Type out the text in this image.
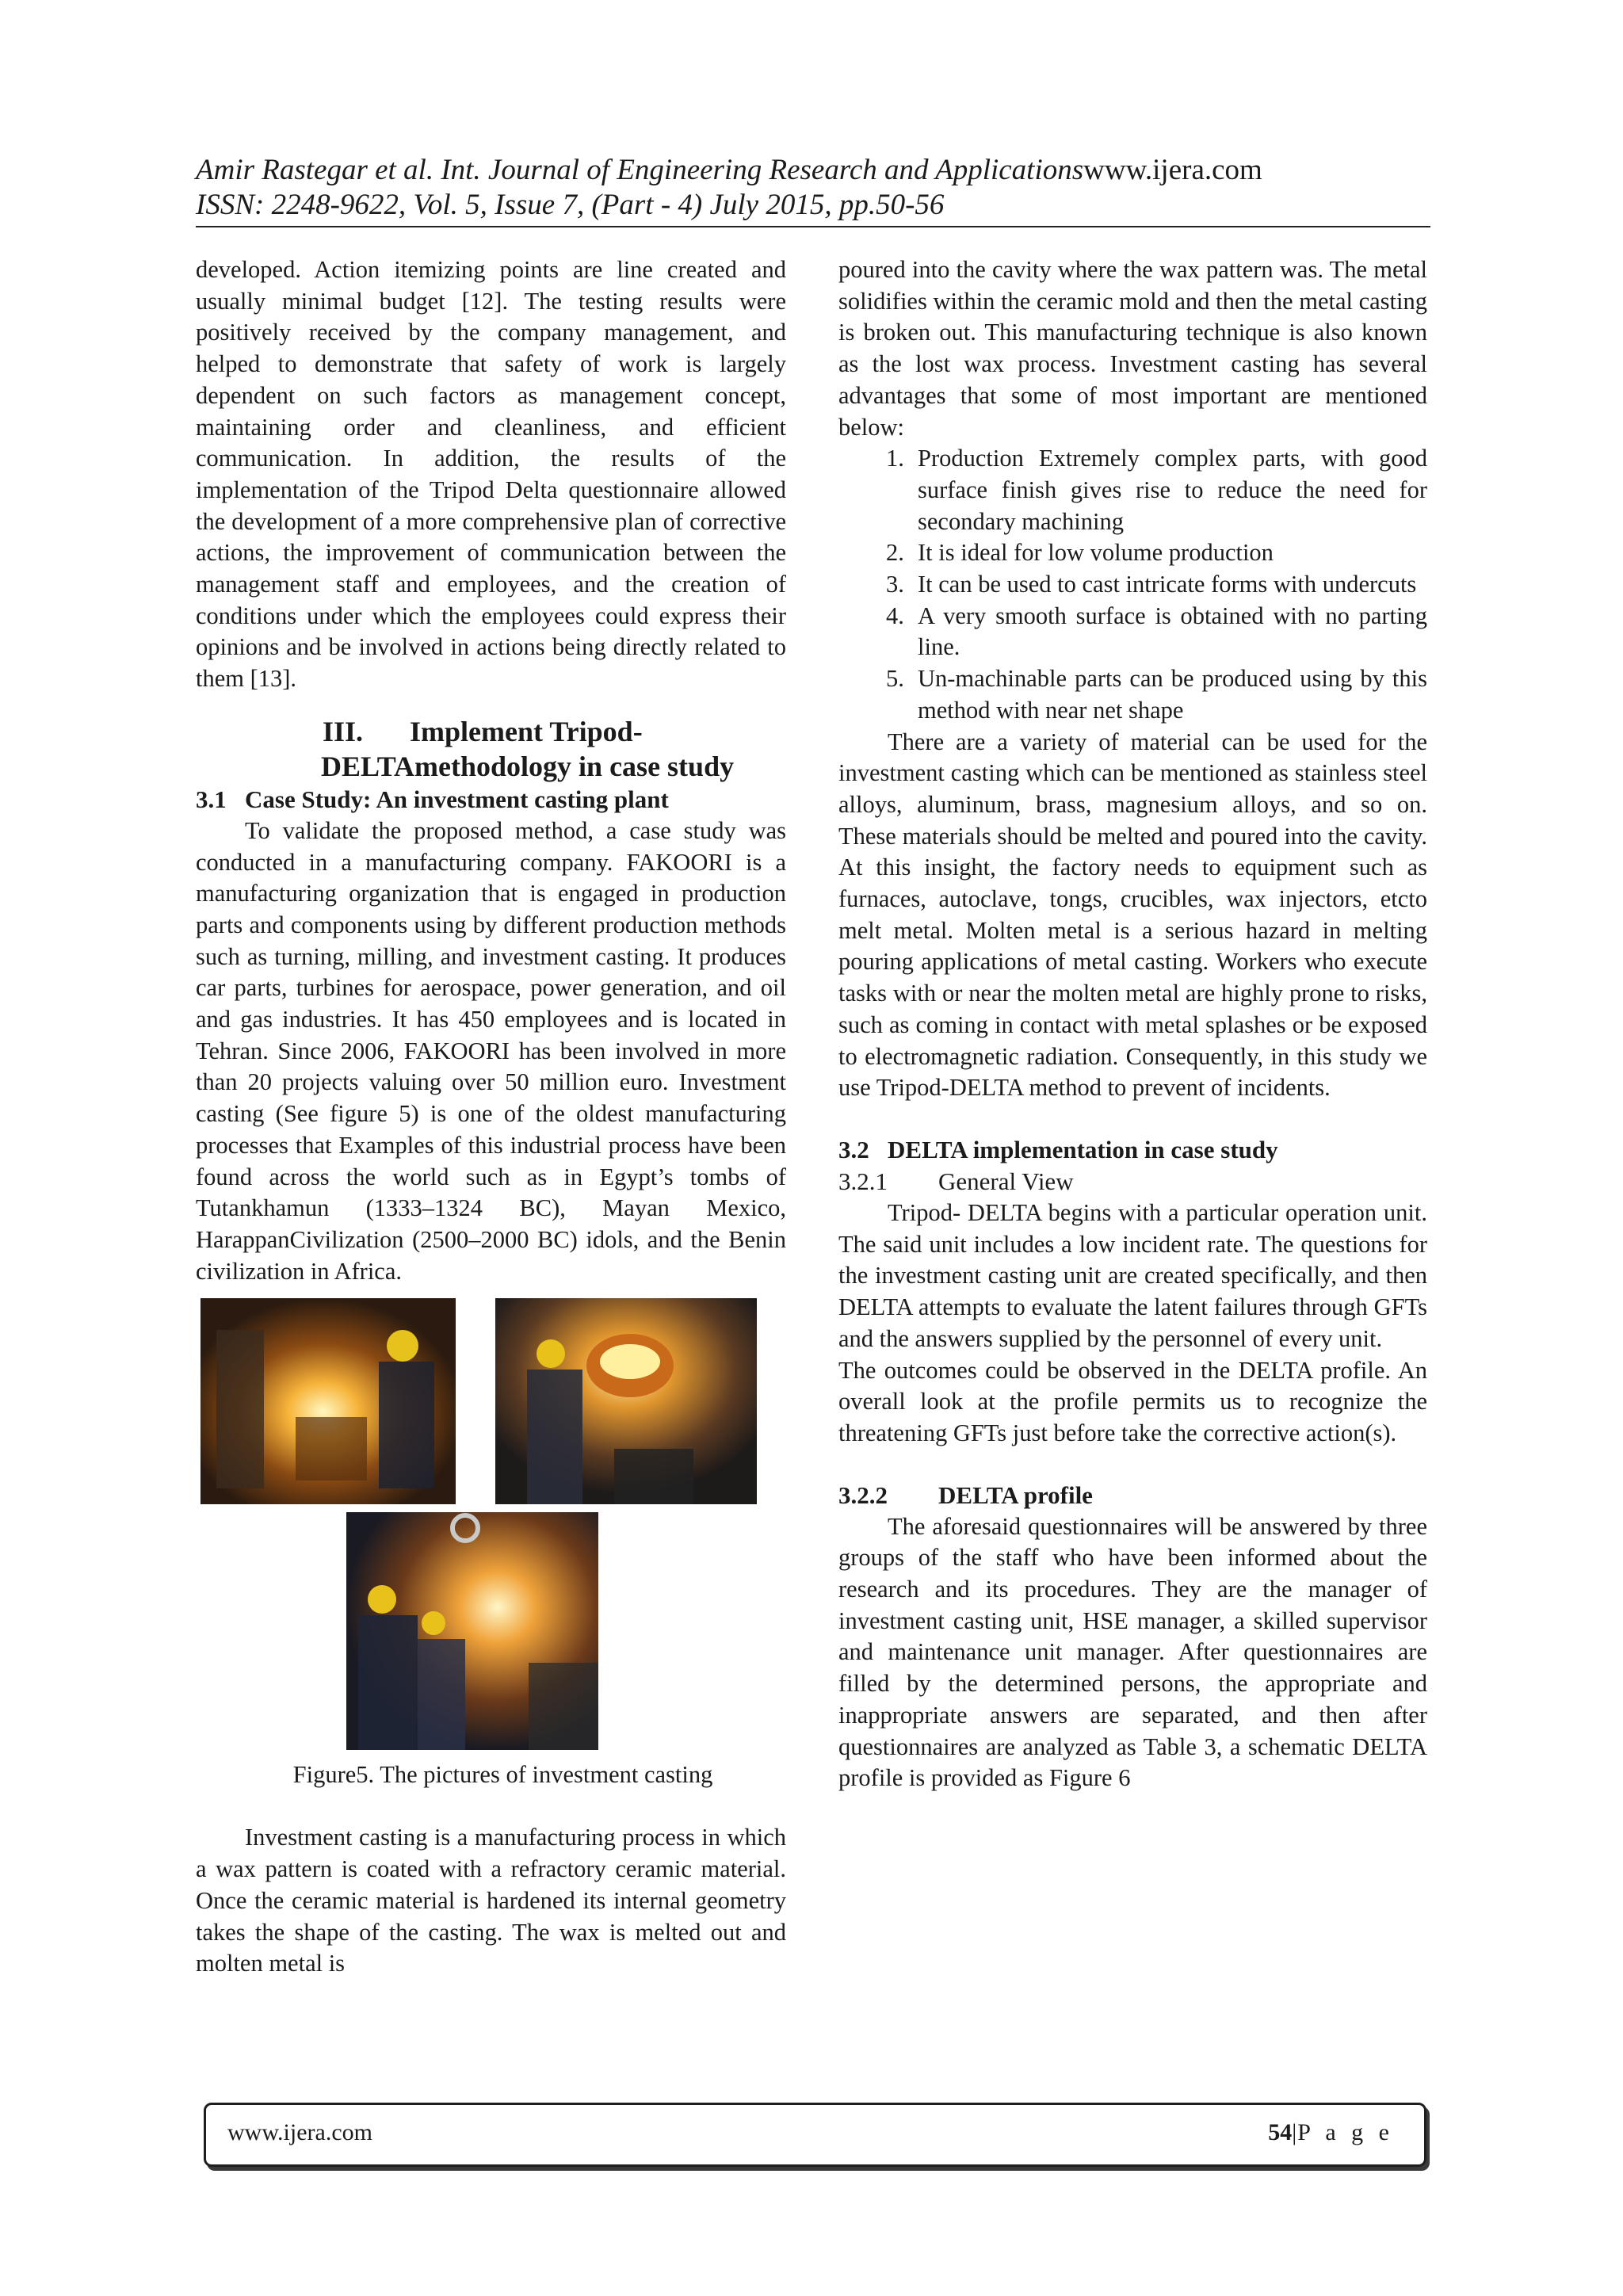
Amir Rastegar et al. Int. Journal of Engineering Research and Applicationswww.ijera.com
ISSN: 2248-9622, Vol. 5, Issue 7, (Part - 4) July 2015, pp.50-56

developed. Action itemizing points are line created and usually minimal budget [12]. The testing results were positively received by the company management, and helped to demonstrate that safety of work is largely dependent on such factors as management concept, maintaining order and cleanliness, and efficient communication. In addition, the results of the implementation of the Tripod Delta questionnaire allowed the development of a more comprehensive plan of corrective actions, the improvement of communication between the management staff and employees, and the creation of conditions under which the employees could express their opinions and be involved in actions being directly related to them [13].

III. Implement Tripod-
DELTAmethodology in case study

3.1 Case Study: An investment casting plant

To validate the proposed method, a case study was conducted in a manufacturing company. FAKOORI is a manufacturing organization that is engaged in production parts and components using by different production methods such as turning, milling, and investment casting. It produces car parts, turbines for aerospace, power generation, and oil and gas industries. It has 450 employees and is located in Tehran. Since 2006, FAKOORI has been involved in more than 20 projects valuing over 50 million euro. Investment casting (See figure 5) is one of the oldest manufacturing processes that Examples of this industrial process have been found across the world such as in Egypt’s tombs of Tutankhamun (1333–1324 BC), Mayan Mexico, HarappanCivilization (2500–2000 BC) idols, and the Benin civilization in Africa.

Figure5. The pictures of investment casting

Investment casting is a manufacturing process in which a wax pattern is coated with a refractory ceramic material. Once the ceramic material is hardened its internal geometry takes the shape of the casting. The wax is melted out and molten metal is

poured into the cavity where the wax pattern was. The metal solidifies within the ceramic mold and then the metal casting is broken out. This manufacturing technique is also known as the lost wax process. Investment casting has several advantages that some of most important are mentioned below:

1. Production Extremely complex parts, with good surface finish gives rise to reduce the need for secondary machining
2. It is ideal for low volume production
3. It can be used to cast intricate forms with undercuts
4. A very smooth surface is obtained with no parting line.
5. Un-machinable parts can be produced using by this method with near net shape

There are a variety of material can be used for the investment casting which can be mentioned as stainless steel alloys, aluminum, brass, magnesium alloys, and so on. These materials should be melted and poured into the cavity. At this insight, the factory needs to equipment such as furnaces, autoclave, tongs, crucibles, wax injectors, etcto melt metal. Molten metal is a serious hazard in melting pouring applications of metal casting. Workers who execute tasks with or near the molten metal are highly prone to risks, such as coming in contact with metal splashes or be exposed to electromagnetic radiation. Consequently, in this study we use Tripod-DELTA method to prevent of incidents.

3.2 DELTA implementation in case study

3.2.1 General View

Tripod- DELTA begins with a particular operation unit. The said unit includes a low incident rate. The questions for the investment casting unit are created specifically, and then DELTA attempts to evaluate the latent failures through GFTs and the answers supplied by the personnel of every unit.

The outcomes could be observed in the DELTA profile. An overall look at the profile permits us to recognize the threatening GFTs just before take the corrective action(s).

3.2.2 DELTA profile

The aforesaid questionnaires will be answered by three groups of the staff who have been informed about the research and its procedures. They are the manager of investment casting unit, HSE manager, a skilled supervisor and maintenance unit manager. After questionnaires are filled by the determined persons, the appropriate and inappropriate answers are separated, and then after questionnaires are analyzed as Table 3, a schematic DELTA profile is provided as Figure 6

www.ijera.com	54|P a g e
